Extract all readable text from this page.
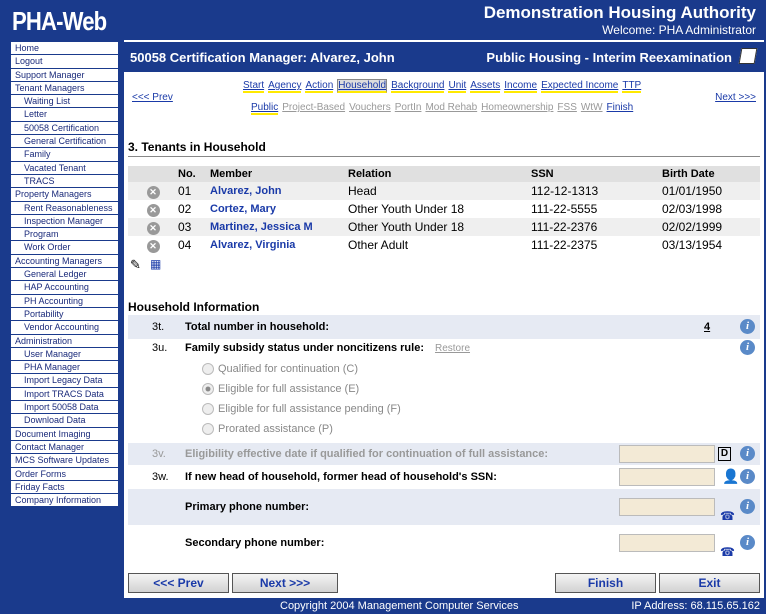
PHA-Web	Demonstration Housing Authority
Welcome: PHA Administrator
Home
Logout
Support Manager
Tenant Managers
Waiting List
Letter
50058 Certification
General Certification
Family
Vacated Tenant
TRACS
Property Managers
Rent Reasonableness
Inspection Manager
Program
Work Order
Accounting Managers
General Ledger
HAP Accounting
PH Accounting
Portability
Vendor Accounting
Administration
User Manager
PHA Manager
Import Legacy Data
Import TRACS Data
Import 50058 Data
Download Data
Document Imaging
Contact Manager
MCS Software Updates
Order Forms
Friday Facts
Company Information
50058 Certification Manager: Alvarez, John	Public Housing - Interim Reexamination
<<< Prev	Next >>>
Start Agency Action Household Background Unit Assets Income Expected Income TTP
Public Project-Based Vouchers PortIn Mod Rehab Homeownership FSS WtW Finish
3. Tenants in Household
	No.	Member	Relation	SSN	Birth Date
✕	01	Alvarez, John	Head	112-12-1313	01/01/1950
✕	02	Cortez, Mary	Other Youth Under 18	111-22-5555	02/03/1998
✕	03	Martinez, Jessica M	Other Youth Under 18	111-22-2376	02/02/1999
✕	04	Alvarez, Virginia	Other Adult	111-22-2375	03/13/1954
✎ ▦
Household Information
3t. Total number in household:	4	i
3u. Family subsidy status under noncitizens rule: Restore	i
Qualified for continuation (C)
Eligible for full assistance (E)
Eligible for full assistance pending (F)
Prorated assistance (P)
3v. Eligibility effective date if qualified for continuation of full assistance:	D	i
3w. If new head of household, former head of household's SSN:	👤 i
Primary phone number:
☎
i
Secondary phone number:
☎
i
<<< Prev	Next >>>	Finish	Exit
Copyright 2004 Management Computer Services	IP Address: 68.115.65.162
